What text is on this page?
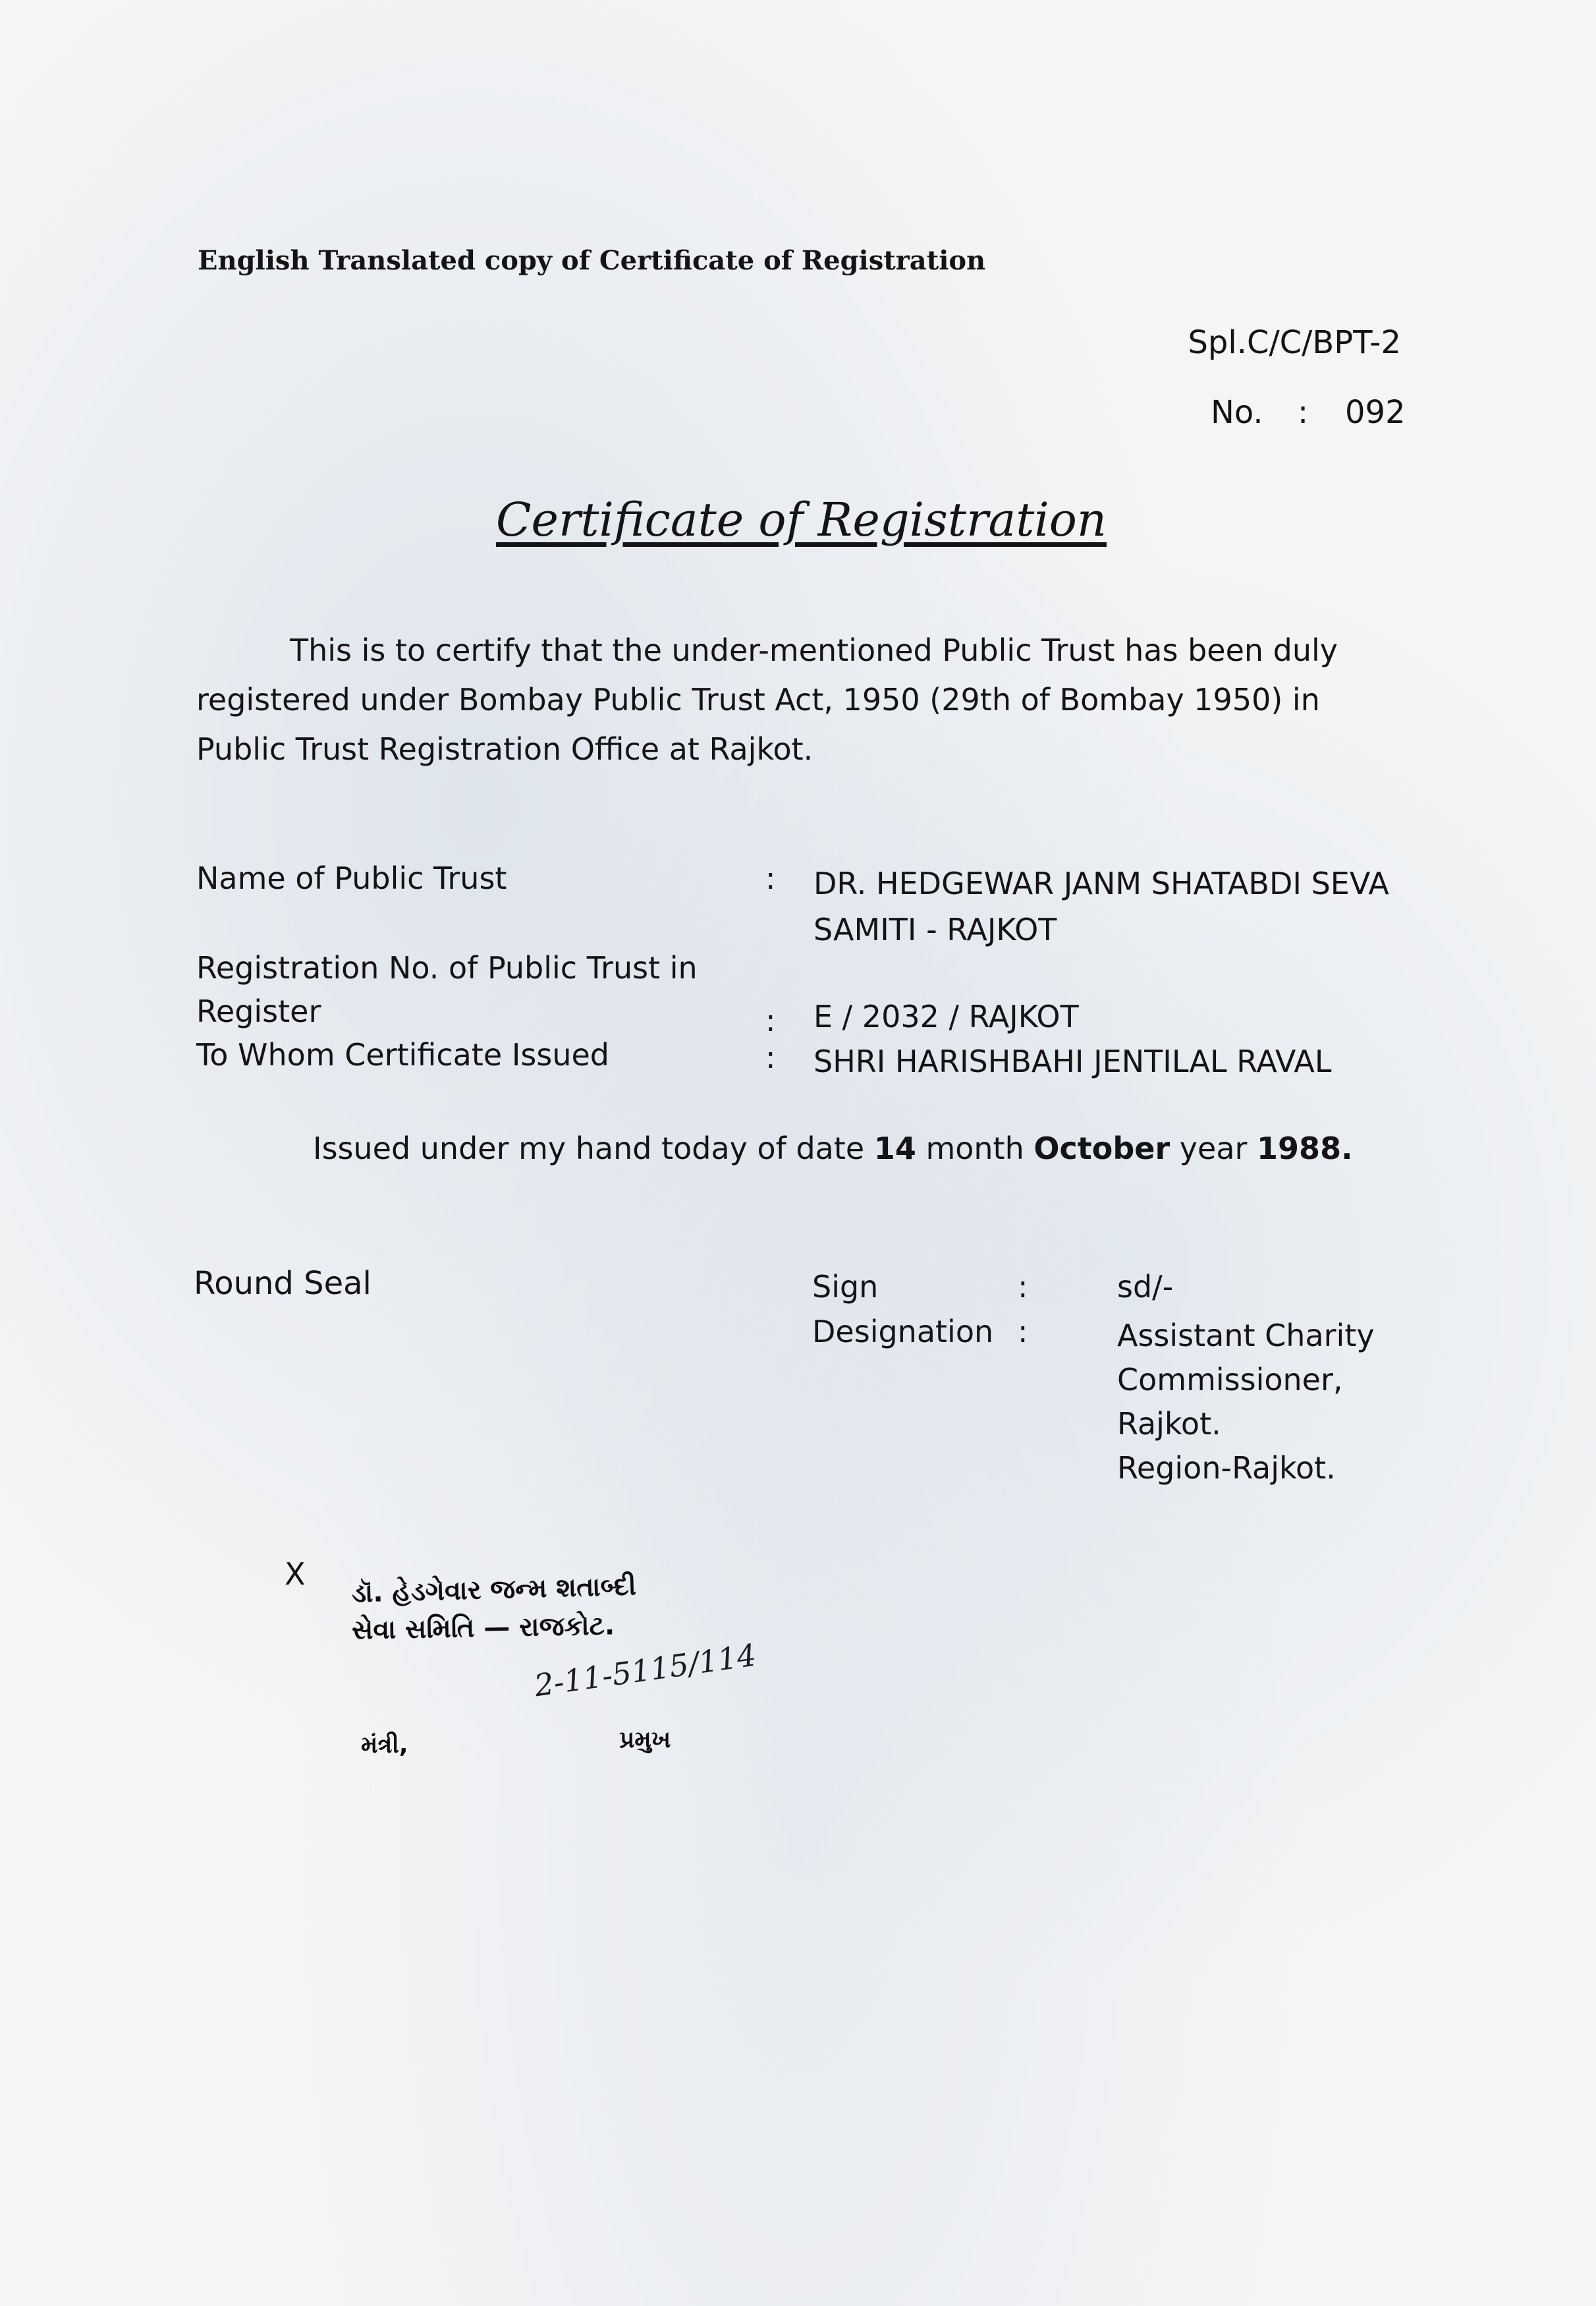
English Translated copy of Certificate of Registration
Spl.C/C/BPT-2
No. : 092
Certificate of Registration
This is to certify that the under-mentioned Public Trust has been duly registered under Bombay Public Trust Act, 1950 (29th of Bombay 1950) in Public Trust Registration Office at Rajkot.
Name of Public Trust	: DR. HEDGEWAR JANM SHATABDI SEVA
SAMITI - RAJKOT
Registration No. of Public Trust in
Register	: E / 2032 / RAJKOT
To Whom Certificate Issued	: SHRI HARISHBAHI JENTILAL RAVAL
Issued under my hand today of date 14 month October year 1988.
Round Seal	Sign	:	sd/-
Designation :	Assistant Charity
Commissioner,
Rajkot.
Region-Rajkot.
X ડૉ. હેડગેવાર જન્મ શતાબ્દી
સેવા સમિતિ — રાજકોટ.
2-11-5115/114
મંત્રી,	પ્રમુખ
